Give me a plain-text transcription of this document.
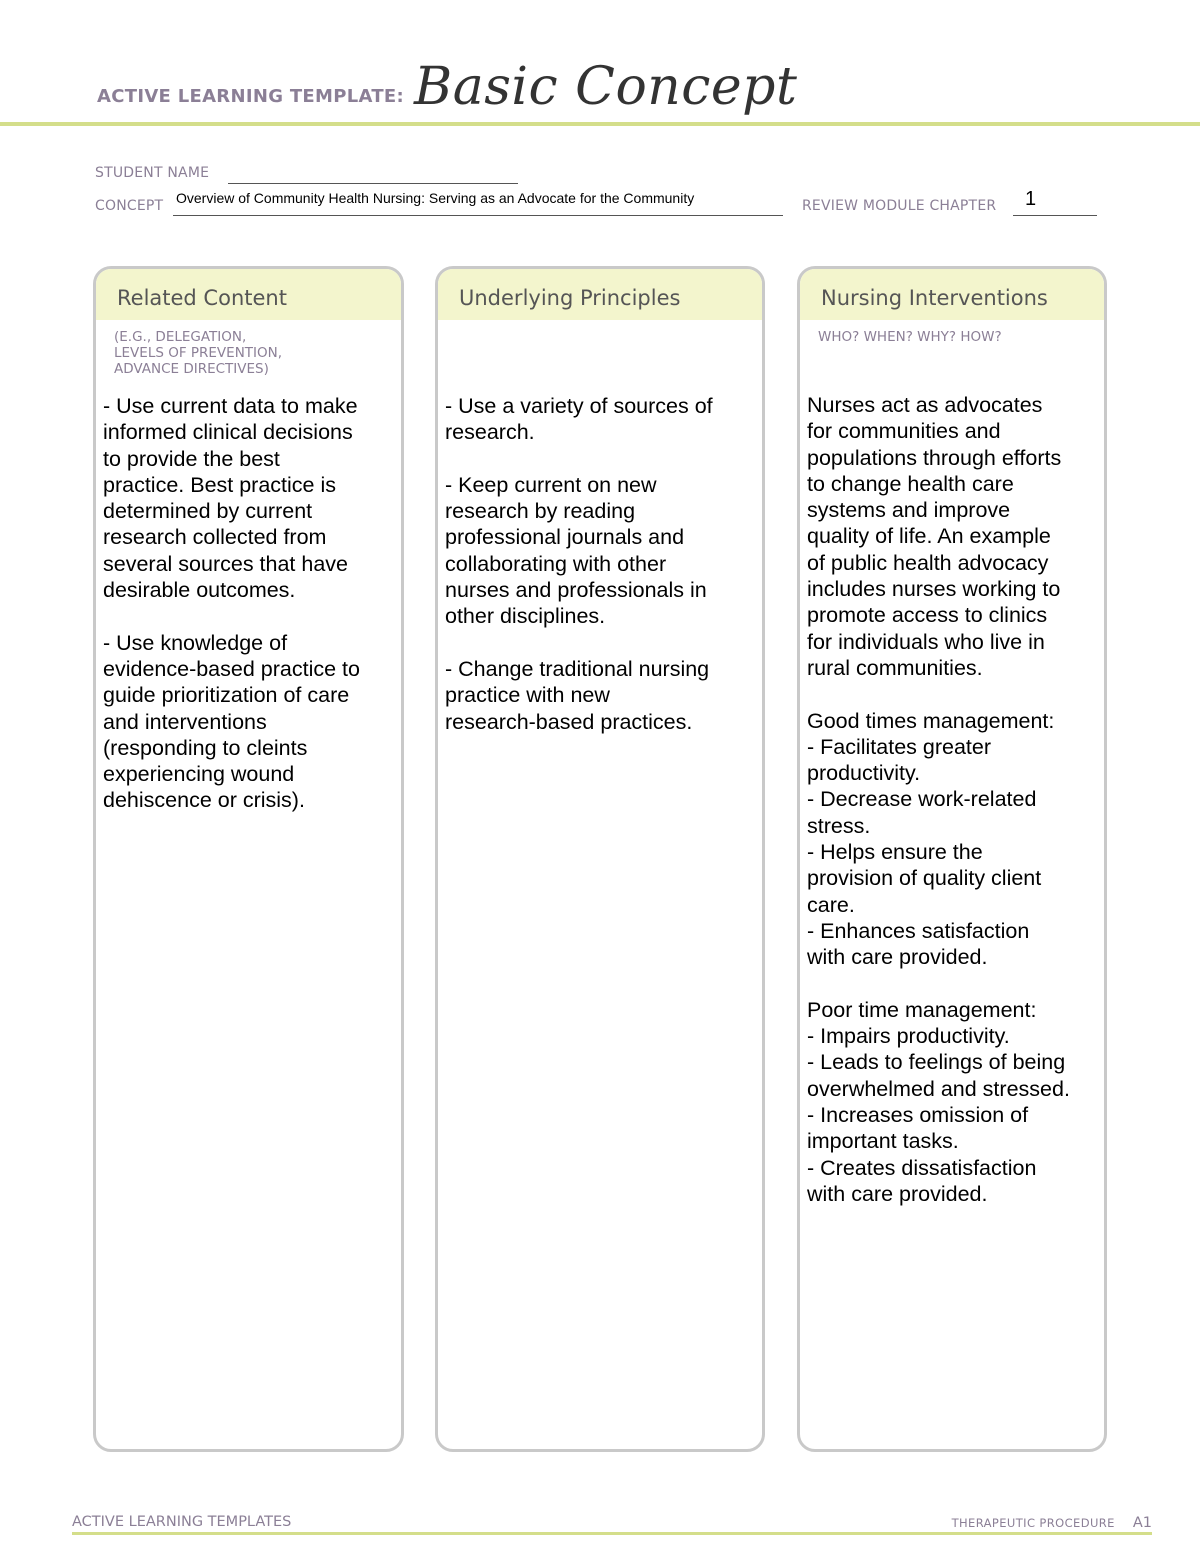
ACTIVE LEARNING TEMPLATE: Basic Concept
STUDENT NAME
CONCEPT Overview of Community Health Nursing: Serving as an Advocate for the Community	REVIEW MODULE CHAPTER 1
Related Content
(E.G., DELEGATION,
LEVELS OF PREVENTION,
ADVANCE DIRECTIVES)
- Use current data to make
informed clinical decisions
to provide the best
practice. Best practice is
determined by current
research collected from
several sources that have
desirable outcomes.

- Use knowledge of
evidence-based practice to
guide prioritization of care
and interventions
(responding to cleints
experiencing wound
dehiscence or crisis).
Underlying Principles
- Use a variety of sources of
research.

- Keep current on new
research by reading
professional journals and
collaborating with other
nurses and professionals in
other disciplines.

- Change traditional nursing
practice with new
research-based practices.
Nursing Interventions
WHO? WHEN? WHY? HOW?
Nurses act as advocates
for communities and
populations through efforts
to change health care
systems and improve
quality of life. An example
of public health advocacy
includes nurses working to
promote access to clinics
for individuals who live in
rural communities.

Good times management:
- Facilitates greater
productivity.
- Decrease work-related
stress.
- Helps ensure the
provision of quality client
care.
- Enhances satisfaction
with care provided.

Poor time management:
- Impairs productivity.
- Leads to feelings of being
overwhelmed and stressed.
- Increases omission of
important tasks.
- Creates dissatisfaction
with care provided.
ACTIVE LEARNING TEMPLATES	THERAPEUTIC PROCEDURE A1
